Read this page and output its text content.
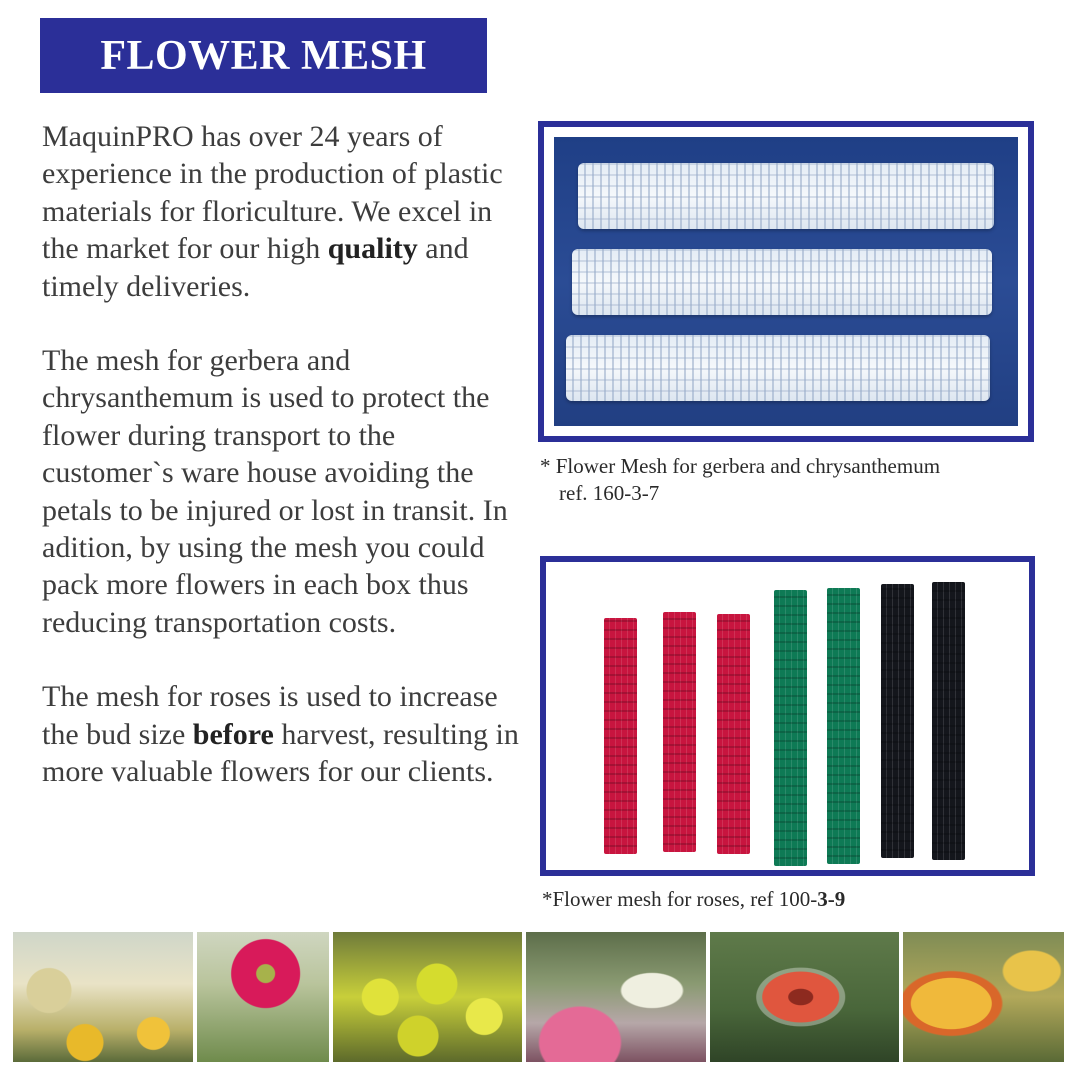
FLOWER MESH

MaquinPRO has over 24 years of experience in the production of plastic materials for floriculture. We excel in the market for our high quality and timely deliveries.

The mesh for gerbera and chrysanthemum is used to protect the flower during transport to the customer`s ware house avoiding the petals to be injured or lost in transit. In adition, by using the mesh you could pack more flowers in each box thus reducing transportation costs.

The mesh for roses is used to increase the bud size before harvest, resulting in more valuable flowers for our clients.

* Flower Mesh for gerbera and chrysanthemum
ref. 160-3-7
*Flower mesh for roses, ref 100-3-9
